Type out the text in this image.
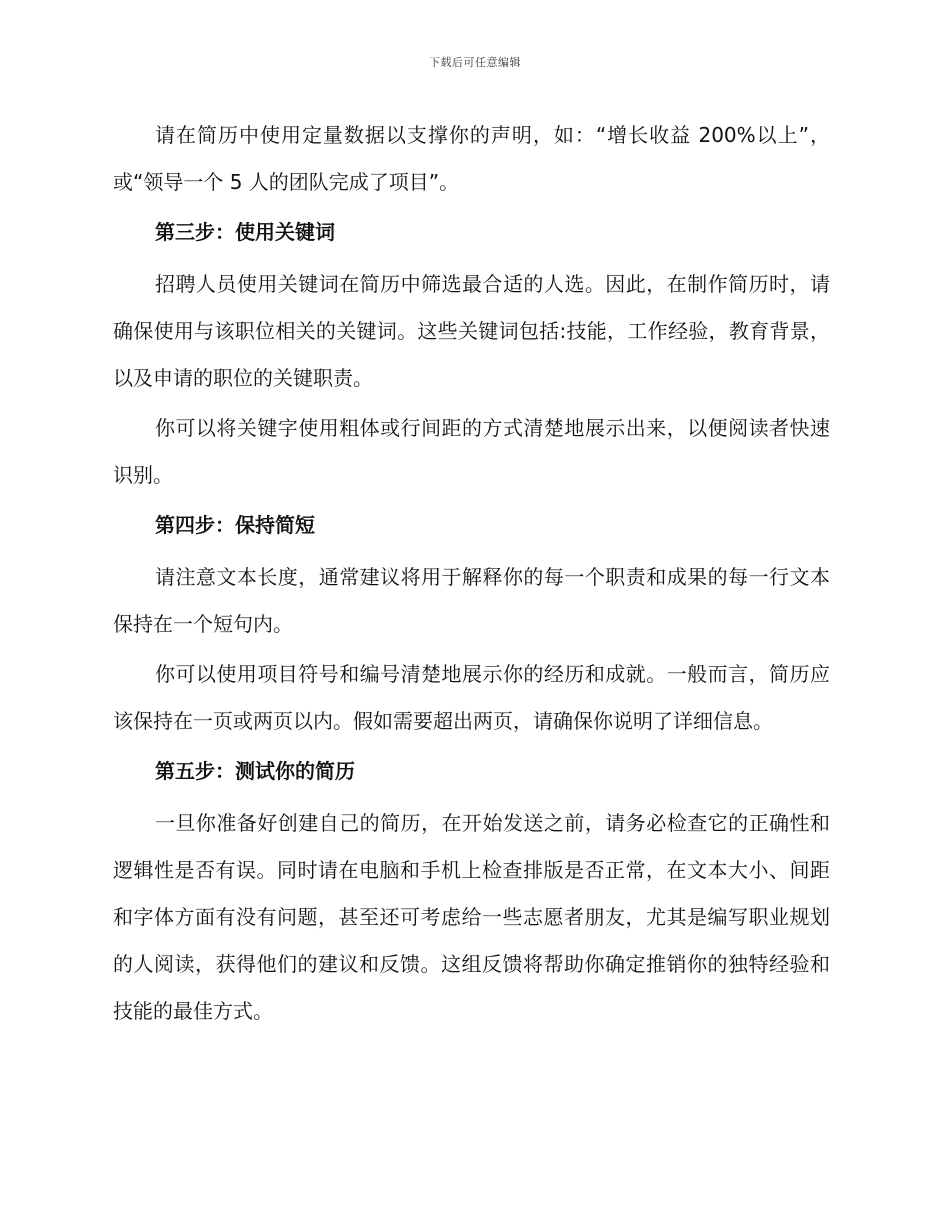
下载后可任意编辑

请在简历中使用定量数据以支撑你的声明，如：“增长收益 200%以上”，或“领导一个 5 人的团队完成了项目”。

第三步：使用关键词

招聘人员使用关键词在简历中筛选最合适的人选。因此，在制作简历时，请确保使用与该职位相关的关键词。这些关键词包括:技能，工作经验，教育背景，以及申请的职位的关键职责。

你可以将关键字使用粗体或行间距的方式清楚地展示出来，以便阅读者快速识别。

第四步：保持简短

请注意文本长度，通常建议将用于解释你的每一个职责和成果的每一行文本保持在一个短句内。

你可以使用项目符号和编号清楚地展示你的经历和成就。一般而言，简历应该保持在一页或两页以内。假如需要超出两页，请确保你说明了详细信息。

第五步：测试你的简历

一旦你准备好创建自己的简历，在开始发送之前，请务必检查它的正确性和逻辑性是否有误。同时请在电脑和手机上检查排版是否正常，在文本大小、间距和字体方面有没有问题，甚至还可考虑给一些志愿者朋友，尤其是编写职业规划的人阅读，获得他们的建议和反馈。这组反馈将帮助你确定推销你的独特经验和技能的最佳方式。
